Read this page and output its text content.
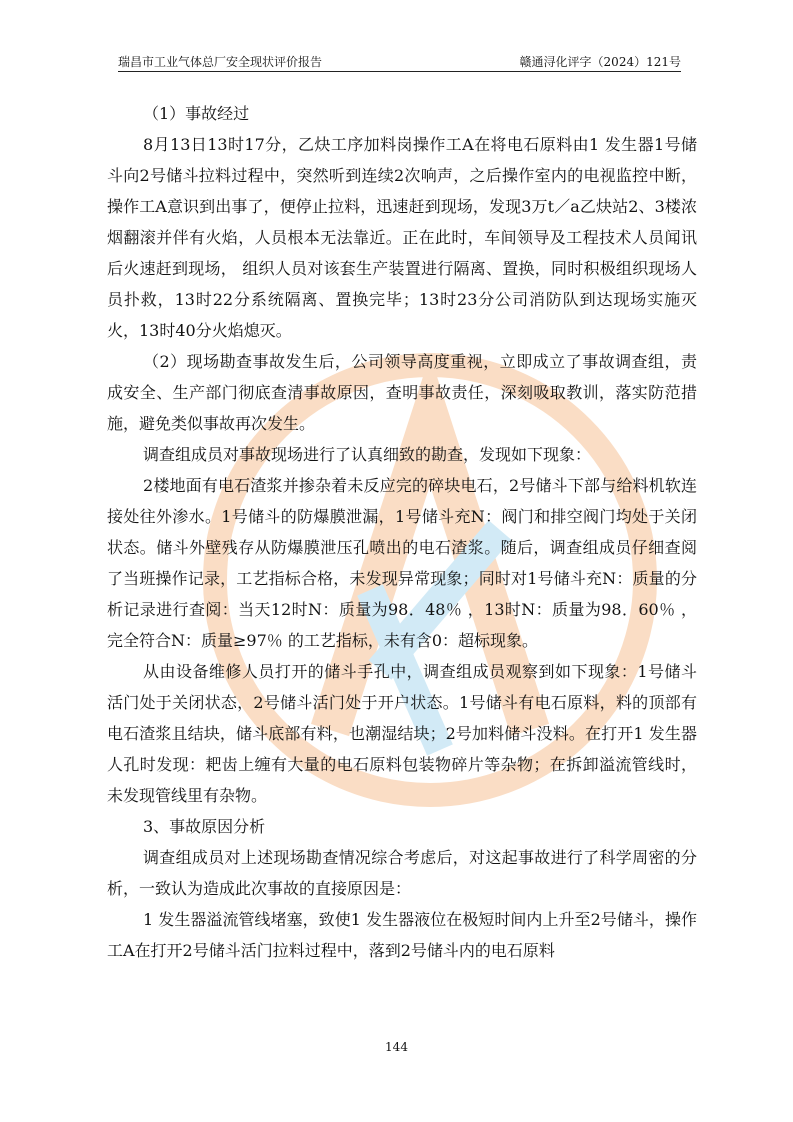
瑞昌市工业气体总厂安全现状评价报告	赣通浔化评字（2024）121号

（1）事故经过

8月13日13时17分，乙炔工序加料岗操作工A在将电石原料由1 发生器1号储斗向2号储斗拉料过程中，突然听到连续2次响声，之后操作室内的电视监控中断，操作工A意识到出事了，便停止拉料，迅速赶到现场，发现3万t／a乙炔站2、3楼浓烟翻滚并伴有火焰，人员根本无法靠近。正在此时，车间领导及工程技术人员闻讯后火速赶到现场， 组织人员对该套生产装置进行隔离、置换，同时积极组织现场人员扑救，13时22分系统隔离、置换完毕；13时23分公司消防队到达现场实施灭火，13时40分火焰熄灭。

（2）现场勘查事故发生后，公司领导高度重视，立即成立了事故调查组，责成安全、生产部门彻底查清事故原因，查明事故责任，深刻吸取教训，落实防范措施，避免类似事故再次发生。

调查组成员对事故现场进行了认真细致的勘查，发现如下现象：

2楼地面有电石渣浆并掺杂着未反应完的碎块电石，2号储斗下部与给料机软连接处往外渗水。1号储斗的防爆膜泄漏，1号储斗充N：阀门和排空阀门均处于关闭状态。储斗外壁残存从防爆膜泄压孔喷出的电石渣浆。随后，调查组成员仔细查阅了当班操作记录，工艺指标合格，未发现异常现象；同时对1号储斗充N：质量的分析记录进行查阅：当天12时N：质量为98．48％ ，13时N：质量为98．60％ ，完全符合N：质量≥97％ 的工艺指标，未有含0：超标现象。

从由设备维修人员打开的储斗手孔中，调查组成员观察到如下现象：1号储斗活门处于关闭状态，2号储斗活门处于开户状态。1号储斗有电石原料，料的顶部有电石渣浆且结块，储斗底部有料，也潮湿结块；2号加料储斗没料。在打开1 发生器人孔时发现：耙齿上缠有大量的电石原料包装物碎片等杂物；在拆卸溢流管线时，未发现管线里有杂物。

3、事故原因分析

调查组成员对上述现场勘查情况综合考虑后，对这起事故进行了科学周密的分析，一致认为造成此次事故的直接原因是：

1 发生器溢流管线堵塞，致使1 发生器液位在极短时间内上升至2号储斗，操作工A在打开2号储斗活门拉料过程中，落到2号储斗内的电石原料

144
